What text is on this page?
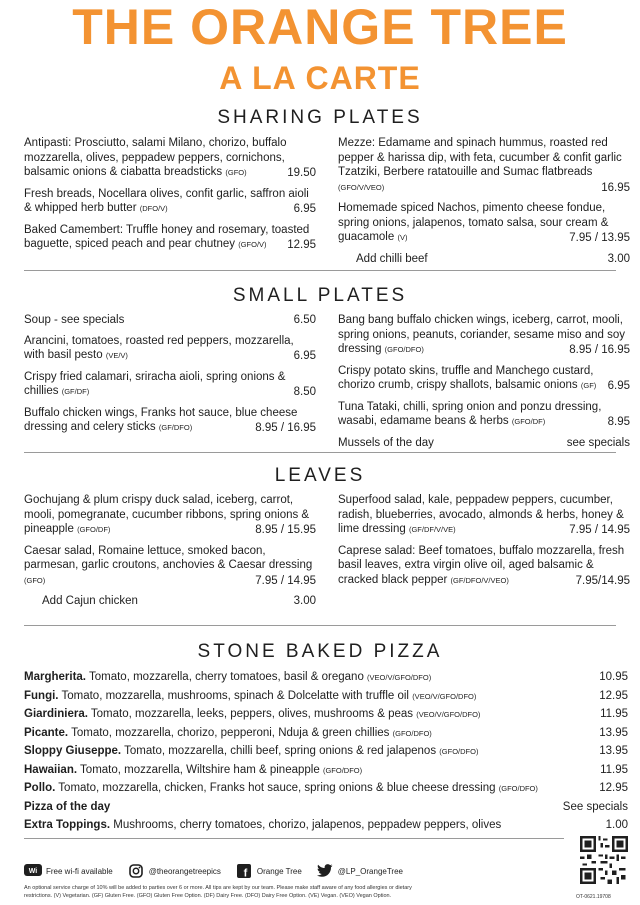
THE ORANGE TREE
A LA CARTE
SHARING PLATES
Antipasti: Prosciutto, salami Milano, chorizo, buffalo mozzarella, olives, peppadew peppers, cornichons, balsamic onions & ciabatta breadsticks (GFO)	19.50
Fresh breads, Nocellara olives, confit garlic, saffron aioli & whipped herb butter (DFO/V)	6.95
Baked Camembert: Truffle honey and rosemary, toasted baguette, spiced peach and pear chutney (GFO/V)	12.95
Mezze: Edamame and spinach hummus, roasted red pepper & harissa dip, with feta, cucumber & confit garlic Tzatziki, Berbere ratatouille and Sumac flatbreads (GFO/V/VEO)	16.95
Homemade spiced Nachos, pimento cheese fondue, spring onions, jalapenos, tomato salsa, sour cream & guacamole (V)	7.95 / 13.95
Add chilli beef	3.00
SMALL PLATES
Soup - see specials	6.50
Arancini, tomatoes, roasted red peppers, mozzarella, with basil pesto (VE/V)	6.95
Crispy fried calamari, sriracha aioli, spring onions & chillies (GF/DF)	8.50
Buffalo chicken wings, Franks hot sauce, blue cheese dressing and celery sticks (GF/DFO)	8.95 / 16.95
Bang bang buffalo chicken wings, iceberg, carrot, mooli, spring onions, peanuts, coriander, sesame miso and soy dressing (GFO/DFO)	8.95 / 16.95
Crispy potato skins, truffle and Manchego custard, chorizo crumb, crispy shallots, balsamic onions (GF) 6.95
Tuna Tataki, chilli, spring onion and ponzu dressing, wasabi, edamame beans & herbs (GFO/DF)	8.95
Mussels of the day	see specials
LEAVES
Gochujang & plum crispy duck salad, iceberg, carrot, mooli, pomegranate, cucumber ribbons, spring onions & pineapple (GFO/DF)	8.95 / 15.95
Caesar salad, Romaine lettuce, smoked bacon, parmesan, garlic croutons, anchovies & Caesar dressing (GFO)	7.95 / 14.95
Add Cajun chicken	3.00
Superfood salad, kale, peppadew peppers, cucumber, radish, blueberries, avocado, almonds & herbs, honey & lime dressing (GF/DF/V/VE)	7.95 / 14.95
Caprese salad: Beef tomatoes, buffalo mozzarella, fresh basil leaves, extra virgin olive oil, aged balsamic & cracked black pepper (GF/DFO/V/VEO)	7.95/14.95
STONE BAKED PIZZA
Margherita. Tomato, mozzarella, cherry tomatoes, basil & oregano (VEO/V/GFO/DFO)	10.95
Fungi. Tomato, mozzarella, mushrooms, spinach & Dolcelatte with truffle oil (VEO/V/GFO/DFO)	12.95
Giardiniera. Tomato, mozzarella, leeks, peppers, olives, mushrooms & peas (VEO/V/GFO/DFO)	11.95
Picante. Tomato, mozzarella, chorizo, pepperoni, Nduja & green chillies (GFO/DFO)	13.95
Sloppy Giuseppe. Tomato, mozzarella, chilli beef, spring onions & red jalapenos (GFO/DFO)	13.95
Hawaiian. Tomato, mozzarella, Wiltshire ham & pineapple (GFO/DFO)	11.95
Pollo. Tomato, mozzarella, chicken, Franks hot sauce, spring onions & blue cheese dressing (GFO/DFO)	12.95
Pizza of the day	See specials
Extra Toppings. Mushrooms, cherry tomatoes, chorizo, jalapenos, peppadew peppers, olives	1.00
Wi Free wi-fi available	@theorangetreepics f Orange Tree	@LP_OrangeTree
An optional service charge of 10% will be added to parties over 6 or more. All tips are kept by our team. Please make staff aware of any food allergies or dietary restrictions. (V) Vegetarian. (GF) Gluten Free. (GFO) Gluten Free Option. (DF) Dairy Free. (DFO) Dairy Free Option. (VE) Vegan. (VEO) Vegan Option.	OT-0621.19708
